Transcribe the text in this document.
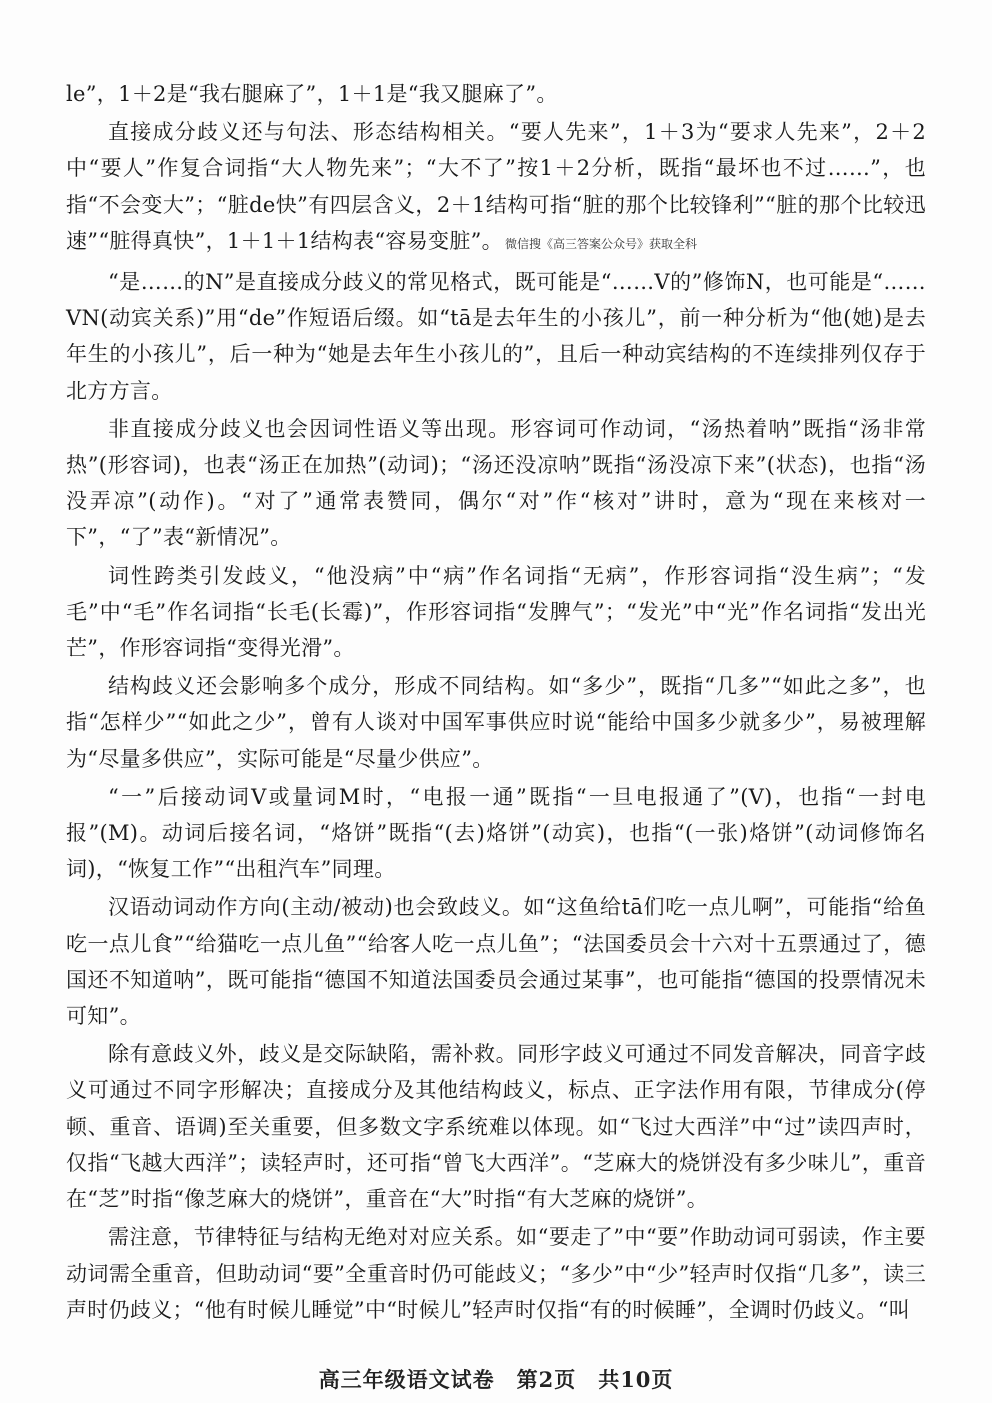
le”，1＋2是“我右腿麻了”，1＋1是“我又腿麻了”。

直接成分歧义还与句法、形态结构相关。“要人先来”，1＋3为“要求人先来”，2＋2中“要人”作复合词指“大人物先来”；“大不了”按1＋2分析，既指“最坏也不过……”，也指“不会变大”；“脏de快”有四层含义，2＋1结构可指“脏的那个比较锋利”“脏的那个比较迅速”“脏得真快”，1＋1＋1结构表“容易变脏”。 微信搜《高三答案公众号》获取全科

“是……的N”是直接成分歧义的常见格式，既可能是“……V的”修饰N，也可能是“……VN(动宾关系)”用“de”作短语后缀。如“tā是去年生的小孩儿”，前一种分析为“他(她)是去年生的小孩儿”，后一种为“她是去年生小孩儿的”，且后一种动宾结构的不连续排列仅存于北方方言。

非直接成分歧义也会因词性语义等出现。形容词可作动词，“汤热着呐”既指“汤非常热”(形容词)，也表“汤正在加热”(动词)；“汤还没凉呐”既指“汤没凉下来”(状态)，也指“汤没弄凉”(动作)。“对了”通常表赞同，偶尔“对”作“核对”讲时，意为“现在来核对一下”，“了”表“新情况”。

词性跨类引发歧义，“他没病”中“病”作名词指“无病”，作形容词指“没生病”；“发毛”中“毛”作名词指“长毛(长霉)”，作形容词指“发脾气”；“发光”中“光”作名词指“发出光芒”，作形容词指“变得光滑”。

结构歧义还会影响多个成分，形成不同结构。如“多少”，既指“几多”“如此之多”，也指“怎样少”“如此之少”，曾有人谈对中国军事供应时说“能给中国多少就多少”，易被理解为“尽量多供应”，实际可能是“尽量少供应”。

“一”后接动词V或量词M时，“电报一通”既指“一旦电报通了”(V)，也指“一封电报”(M)。动词后接名词，“烙饼”既指“(去)烙饼”(动宾)，也指“(一张)烙饼”(动词修饰名词)，“恢复工作”“出租汽车”同理。

汉语动词动作方向(主动/被动)也会致歧义。如“这鱼给tā们吃一点儿啊”，可能指“给鱼吃一点儿食”“给猫吃一点儿鱼”“给客人吃一点儿鱼”；“法国委员会十六对十五票通过了，德国还不知道呐”，既可能指“德国不知道法国委员会通过某事”，也可能指“德国的投票情况未可知”。

除有意歧义外，歧义是交际缺陷，需补救。同形字歧义可通过不同发音解决，同音字歧义可通过不同字形解决；直接成分及其他结构歧义，标点、正字法作用有限，节律成分(停顿、重音、语调)至关重要，但多数文字系统难以体现。如“飞过大西洋”中“过”读四声时，仅指“飞越大西洋”；读轻声时，还可指“曾飞大西洋”。“芝麻大的烧饼没有多少味儿”，重音在“芝”时指“像芝麻大的烧饼”，重音在“大”时指“有大芝麻的烧饼”。

需注意，节律特征与结构无绝对对应关系。如“要走了”中“要”作助动词可弱读，作主要动词需全重音，但助动词“要”全重音时仍可能歧义；“多少”中“少”轻声时仅指“几多”，读三声时仍歧义；“他有时候儿睡觉”中“时候儿”轻声时仅指“有的时候睡”，全调时仍歧义。“叫

高三年级语文试卷　第2页　共10页
